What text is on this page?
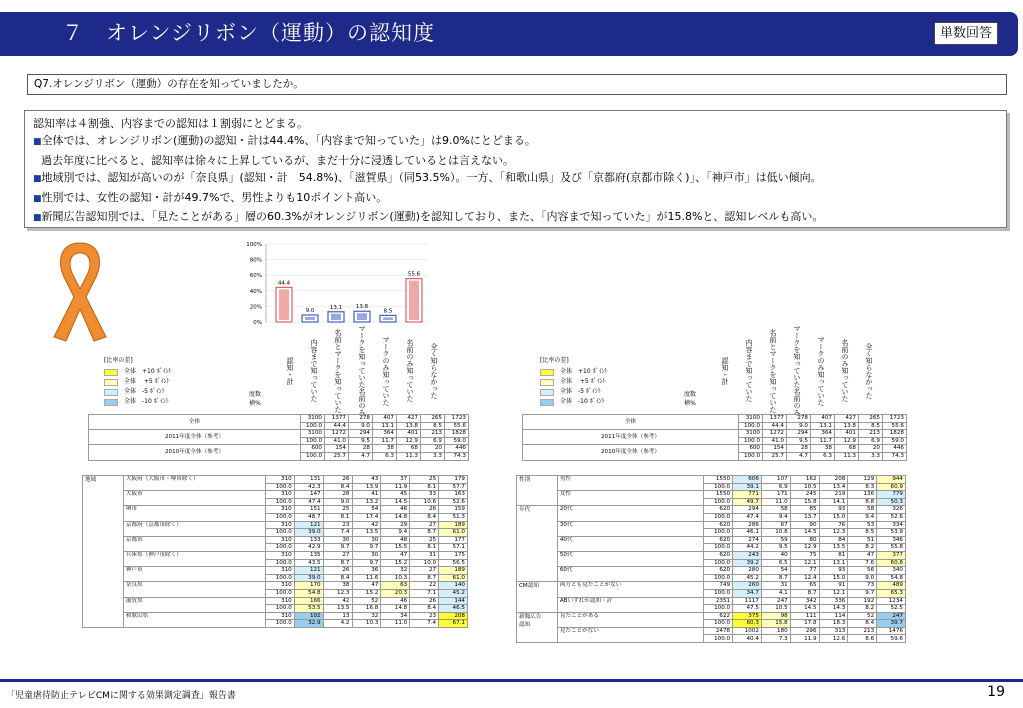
７　オレンジリボン（運動）の認知度	単数回答
Q7.オレンジリボン（運動）の存在を知っていましたか。
認知率は４割強、内容までの認知は１割弱にとどまる。
■全体では、オレンジリボン(運動)の認知・計は44.4%、「内容まで知っていた」は9.0%にとどまる。
過去年度に比べると、認知率は徐々に上昇しているが、まだ十分に浸透しているとは言えない。
■地域別では、認知が高いのが「奈良県」(認知・計　54.8%)、「滋賀県」（同53.5%）。一方、「和歌山県」及び「京都府(京都市除く)」、「神戸市」は低い傾向。
■性別では、女性の認知・計が49.7%で、男性よりも10ポイント高い。
■新聞広告認知別では、「見たことがある」層の60.3%がオレンジリボン(運動)を認知しており、また、「内容まで知っていた」が15.8%と、認知レベルも高い。
0%
20%
40%
60%
80%
100%
44.4
9.0
13.1	13.8
8.5
55.6
[比率の差]
全体　+10 ﾎﾟｲﾝﾄ
全体　 +5 ﾎﾟｲﾝﾄ
全体　-5 ﾎﾟｲﾝﾄ
全体　-10 ﾎﾟｲﾝﾄ
[比率の差]
全体　+10 ﾎﾟｲﾝﾄ
全体　 +5 ﾎﾟｲﾝﾄ
全体　-5 ﾎﾟｲﾝﾄ
全体　-10 ﾎﾟｲﾝﾄ
度数
横%
度数
横%
認知・計	内容まで知っていた	名前とマークを知っていた	マークを知っていた名前のみ	マークのみ知っていた	名前のみ知っていた	全く知らなかった	認知・計	内容まで知っていた	名前とマークを知っていた	マークを知っていた名前のみ	マークのみ知っていた	名前のみ知っていた	全く知らなかった
全体	3100	1377	278	407	427	265	1723
	100.0	44.4	9.0	13.1	13.8	8.5	55.6
2011年度全体（参考）	3100	1272	294	364	401	213	1828
	100.0	41.0	9.5	11.7	12.9	6.9	59.0
2010年度全体（参考）	600	154	28	38	68	20	446
	100.0	25.7	4.7	6.3	11.3	3.3	74.3
全体	3100	1377	278	407	427	265	1723
	100.0	44.4	9.0	13.1	13.8	8.5	55.6
2011年度全体（参考）	3100	1272	294	364	401	213	1828
	100.0	41.0	9.5	11.7	12.9	6.9	59.0
2010年度全体（参考）	600	154	28	38	68	20	446
	100.0	25.7	4.7	6.3	11.3	3.3	74.3
地域	大阪府（大阪市・堺市除く）	310	131	26	43	37	25	179
		100.0	42.3	8.4	13.9	11.9	8.1	57.7
	大阪市	310	147	28	41	45	33	163
		100.0	47.4	9.0	13.2	14.5	10.6	52.6
	堺市	310	151	25	54	46	26	159
		100.0	48.7	8.1	17.4	14.8	8.4	51.3
	京都府（京都市除く）	310	121	23	42	29	27	189
		100.0	39.0	7.4	13.5	9.4	8.7	61.0
	京都市	310	133	30	30	48	25	177
		100.0	42.9	9.7	9.7	15.5	8.1	57.1
	兵庫県（神戸市除く）	310	135	27	30	47	31	175
		100.0	43.5	8.7	9.7	15.2	10.0	56.5
	神戸市	310	121	26	36	32	27	189
		100.0	39.0	8.4	11.6	10.3	8.7	61.0
	奈良県	310	170	38	47	63	22	140
		100.0	54.8	12.3	15.2	20.3	7.1	45.2
	滋賀県	310	166	42	52	46	26	144
		100.0	53.5	13.5	16.8	14.8	8.4	46.5
	和歌山県	310	102	13	32	34	23	208
		100.0	32.9	4.2	10.3	11.0	7.4	67.1
性別	男性	1550	606	107	162	208	129	944
		100.0	39.1	6.9	10.5	13.4	8.3	60.9
	女性	1550	771	171	245	219	136	779
		100.0	49.7	11.0	15.8	14.1	8.8	50.3
年代	20代	620	294	58	85	93	58	326
		100.0	47.4	9.4	13.7	15.0	9.4	52.6
	30代	620	286	67	90	76	53	334
		100.0	46.1	10.8	14.5	12.3	8.5	53.9
	40代	620	274	59	80	84	51	346
		100.0	44.2	9.5	12.9	13.5	8.2	55.8
	50代	620	243	40	75	81	47	377
		100.0	39.2	6.5	12.1	13.1	7.6	60.8
	60代	620	280	54	77	93	56	340
		100.0	45.2	8.7	12.4	15.0	9.0	54.8
CM認知	両方とも見たことがない	749	260	31	65	91	73	489
		100.0	34.7	4.1	8.7	12.1	9.7	65.3
	ABいずれか認知・計	2351	1117	247	342	336	192	1234
		100.0	47.5	10.5	14.5	14.3	8.2	52.5
新聞広告
認知	見たことがある	622	375	98	111	114	52	247
		100.0	60.3	15.8	17.8	18.3	8.4	39.7
	見たことがない	2478	1002	180	296	313	213	1476
		100.0	40.4	7.3	11.9	12.6	8.6	59.6
「児童虐待防止テレビCMに関する効果測定調査」報告書	19
